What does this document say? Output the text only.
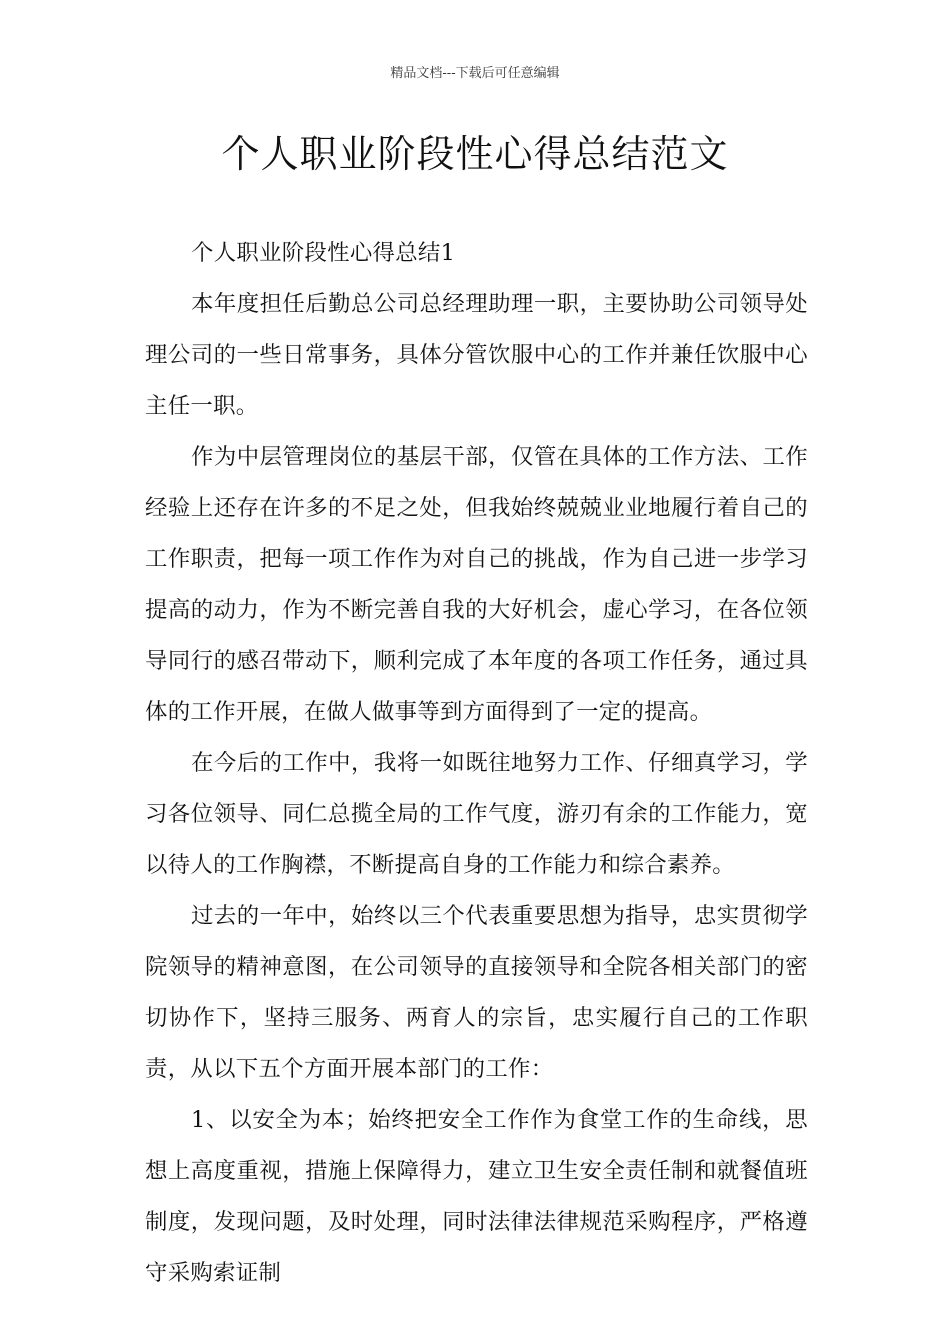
精品文档---下载后可任意编辑
个人职业阶段性心得总结范文

个人职业阶段性心得总结1

本年度担任后勤总公司总经理助理一职，主要协助公司领导处理公司的一些日常事务，具体分管饮服中心的工作并兼任饮服中心主任一职。

作为中层管理岗位的基层干部，仅管在具体的工作方法、工作经验上还存在许多的不足之处，但我始终兢兢业业地履行着自己的工作职责，把每一项工作作为对自己的挑战，作为自己进一步学习提高的动力，作为不断完善自我的大好机会，虚心学习，在各位领导同行的感召带动下，顺利完成了本年度的各项工作任务，通过具体的工作开展，在做人做事等到方面得到了一定的提高。

在今后的工作中，我将一如既往地努力工作、仔细真学习，学习各位领导、同仁总揽全局的工作气度，游刃有余的工作能力，宽以待人的工作胸襟，不断提高自身的工作能力和综合素养。

过去的一年中，始终以三个代表重要思想为指导，忠实贯彻学院领导的精神意图，在公司领导的直接领导和全院各相关部门的密切协作下，坚持三服务、两育人的宗旨，忠实履行自己的工作职责，从以下五个方面开展本部门的工作：

1、以安全为本；始终把安全工作作为食堂工作的生命线，思想上高度重视，措施上保障得力，建立卫生安全责任制和就餐值班制度，发现问题，及时处理，同时法律法律规范采购程序，严格遵守采购索证制
